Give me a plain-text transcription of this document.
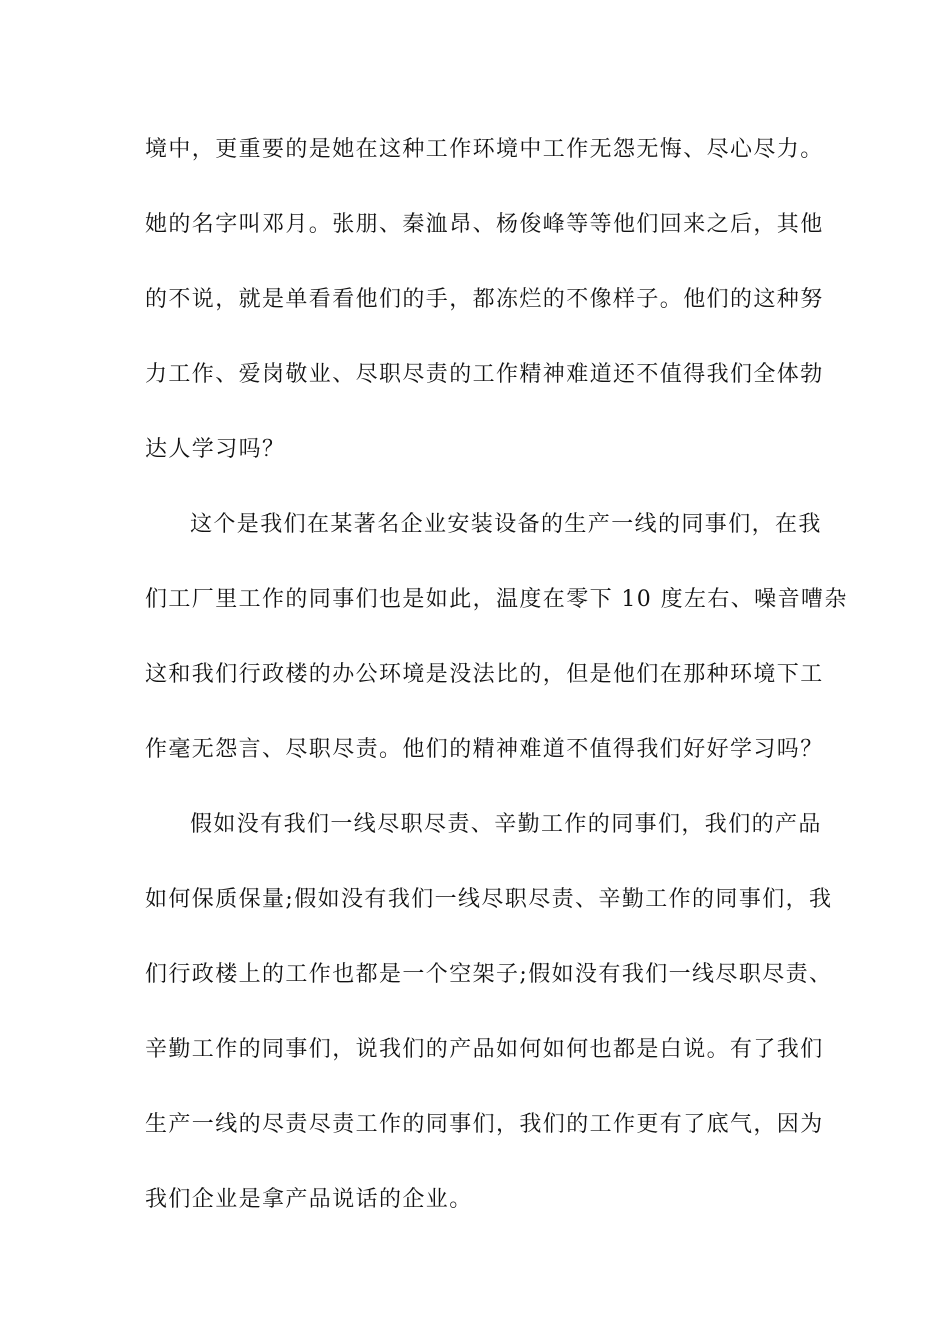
境中，更重要的是她在这种工作环境中工作无怨无悔、尽心尽力。
她的名字叫邓月。张朋、秦洫昂、杨俊峰等等他们回来之后，其他
的不说，就是单看看他们的手，都冻烂的不像样子。他们的这种努
力工作、爱岗敬业、尽职尽责的工作精神难道还不值得我们全体勃
达人学习吗？
这个是我们在某著名企业安装设备的生产一线的同事们，在我
们工厂里工作的同事们也是如此，温度在零下 10 度左右、噪音嘈杂
这和我们行政楼的办公环境是没法比的，但是他们在那种环境下工
作毫无怨言、尽职尽责。他们的精神难道不值得我们好好学习吗？
假如没有我们一线尽职尽责、辛勤工作的同事们，我们的产品
如何保质保量;假如没有我们一线尽职尽责、辛勤工作的同事们，我
们行政楼上的工作也都是一个空架子;假如没有我们一线尽职尽责、
辛勤工作的同事们，说我们的产品如何如何也都是白说。有了我们
生产一线的尽责尽责工作的同事们，我们的工作更有了底气，因为
我们企业是拿产品说话的企业。
